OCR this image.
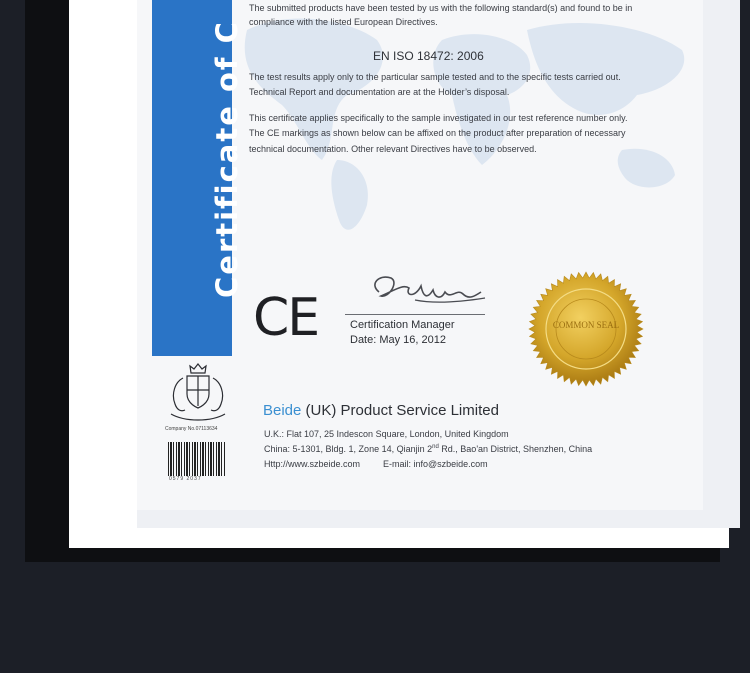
Certificate of C
The submitted products have been tested by us with the following standard(s) and found to be in
compliance with the listed European Directives.
EN ISO 18472: 2006
The test results apply only to the particular sample tested and to the specific tests carried out.
Technical Report and documentation are at the Holder’s disposal.
This certificate applies specifically to the sample investigated in our test reference number only.
The CE markings as shown below can be affixed on the product after preparation of necessary
technical documentation. Other relevant Directives have to be observed.
CE	Certification Manager
Date: May 16, 2012
COMMON SEAL
Company No.07113634
0579 2037
Beide (UK) Product Service Limited
U.K.: Flat 107, 25 Indescon Square, London, United Kingdom
China: 5-1301, Bldg. 1, Zone 14, Qianjin 2nd Rd., Bao'an District, Shenzhen, China
Http://www.szbeide.com	E-mail: info@szbeide.com
